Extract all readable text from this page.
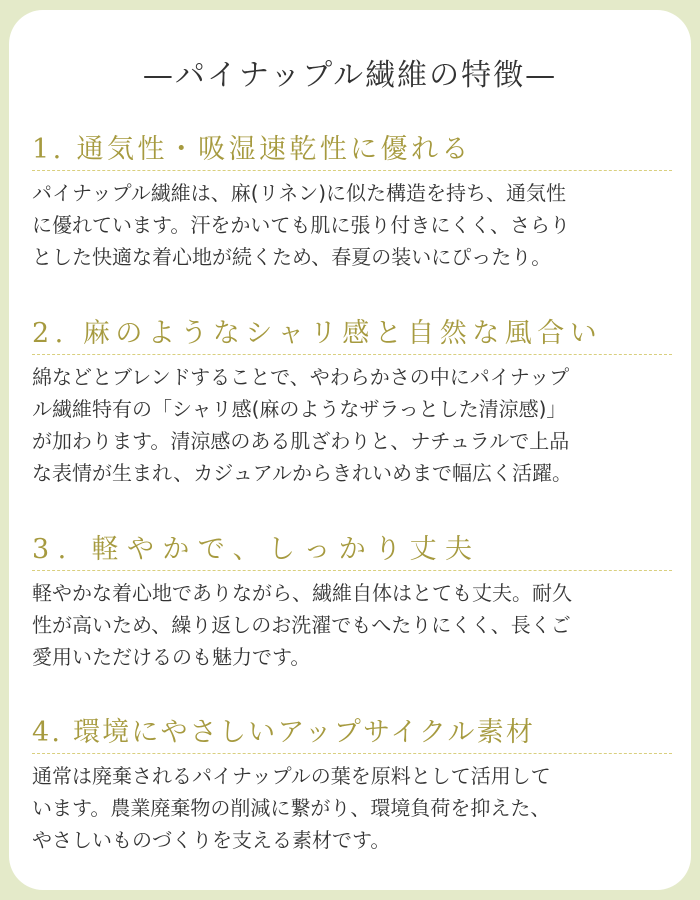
—パイナップル繊維の特徴—
1. 通気性・吸湿速乾性に優れる
パイナップル繊維は、麻(リネン)に似た構造を持ち、通気性
に優れています。汗をかいても肌に張り付きにくく、さらり
とした快適な着心地が続くため、春夏の装いにぴったり。
2. 麻のようなシャリ感と自然な風合い
綿などとブレンドすることで、やわらかさの中にパイナップ
ル繊維特有の「シャリ感(麻のようなザラっとした清涼感)」
が加わります。清涼感のある肌ざわりと、ナチュラルで上品
な表情が生まれ、カジュアルからきれいめまで幅広く活躍。
3. 軽やかで、しっかり丈夫
軽やかな着心地でありながら、繊維自体はとても丈夫。耐久
性が高いため、繰り返しのお洗濯でもへたりにくく、長くご
愛用いただけるのも魅力です。
4. 環境にやさしいアップサイクル素材
通常は廃棄されるパイナップルの葉を原料として活用して
います。農業廃棄物の削減に繋がり、環境負荷を抑えた、
やさしいものづくりを支える素材です。
